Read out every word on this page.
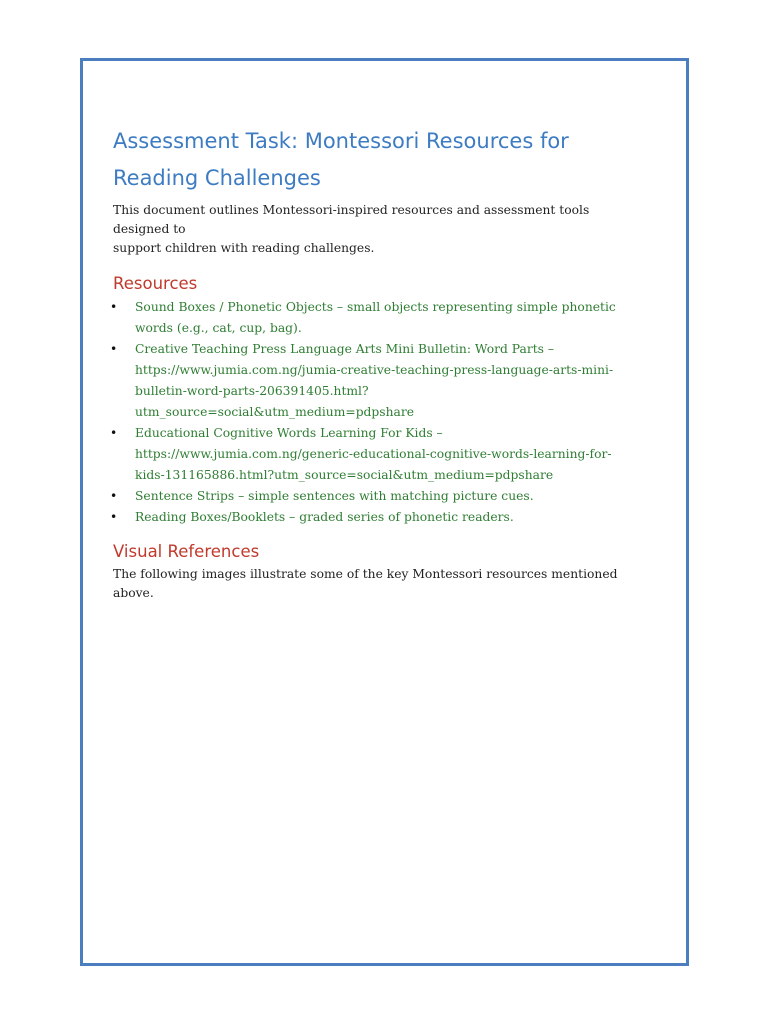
Assessment Task: Montessori Resources for
Reading Challenges

This document outlines Montessori-inspired resources and assessment tools designed to
support children with reading challenges.

Resources
• Sound Boxes / Phonetic Objects – small objects representing simple phonetic
words (e.g., cat, cup, bag).
• Creative Teaching Press Language Arts Mini Bulletin: Word Parts –
https://www.jumia.com.ng/jumia-creative-teaching-press-language-arts-mini-
bulletin-word-parts-206391405.html?
utm_source=social&utm_medium=pdpshare
• Educational Cognitive Words Learning For Kids –
https://www.jumia.com.ng/generic-educational-cognitive-words-learning-for-
kids-131165886.html?utm_source=social&utm_medium=pdpshare
• Sentence Strips – simple sentences with matching picture cues.
• Reading Boxes/Booklets – graded series of phonetic readers.
Visual References

The following images illustrate some of the key Montessori resources mentioned above.
